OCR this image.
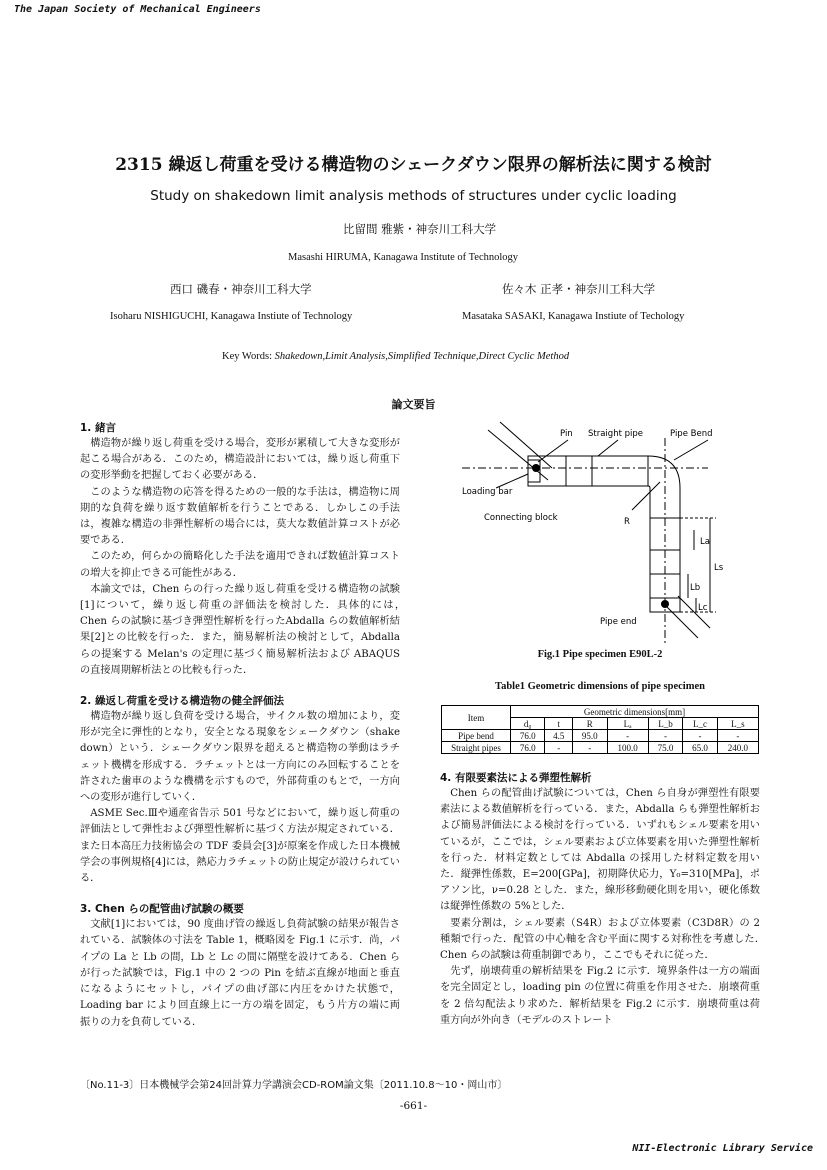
The Japan Society of Mechanical Engineers
NII-Electronic Library Service
2315 繰返し荷重を受ける構造物のシェークダウン限界の解析法に関する検討
Study on shakedown limit analysis methods of structures under cyclic loading
比留間 雅紫・神奈川工科大学
Masashi HIRUMA, Kanagawa Institute of Technology
西口 磯春・神奈川工科大学	佐々木 正孝・神奈川工科大学
Isoharu NISHIGUCHI, Kanagawa Instiute of Technology	Masataka SASAKI, Kanagawa Instiute of Techology
Key Words: Shakedown,Limit Analysis,Simplified Technique,Direct Cyclic Method
論文要旨
1. 緒言

構造物が繰り返し荷重を受ける場合，変形が累積して大きな変形が起こる場合がある．このため，構造設計においては，繰り返し荷重下の変形挙動を把握しておく必要がある．

このような構造物の応答を得るための一般的な手法は，構造物に周期的な負荷を繰り返す数値解析を行うことである．しかしこの手法は，複雑な構造の非弾性解析の場合には，莫大な数値計算コストが必要である．

このため，何らかの簡略化した手法を適用できれば数値計算コストの増大を抑止できる可能性がある．

本論文では，Chen らの行った繰り返し荷重を受ける構造物の試験 [1]について，繰り返し荷重の評価法を検討した．具体的には，　Chen らの試験に基づき弾塑性解析を行ったAbdalla らの数値解析結果[2]との比較を行った．また，簡易解析法の検討として，Abdalla らの提案する Melan's の定理に基づく簡易解析法および ABAQUS の直接周期解析法との比較も行った．

2. 繰返し荷重を受ける構造物の健全評価法

構造物が繰り返し負荷を受ける場合，サイクル数の増加により，変形が完全に弾性的となり，安全となる現象をシェークダウン（shake down）という．シェークダウン限界を超えると構造物の挙動はラチェット機構を形成する．ラチェットとは一方向にのみ回転することを許された歯車のような機構を示すもので，外部荷重のもとで，一方向への変形が進行していく．

ASME Sec.Ⅲや通産省告示 501 号などにおいて，繰り返し荷重の評価法として弾性および弾塑性解析に基づく方法が規定されている．また日本高圧力技術協会の TDF 委員会[3]が原案を作成した日本機械学会の事例規格[4]には，熱応力ラチェットの防止規定が設けられている．

3. Chen らの配管曲げ試験の概要

文献[1]においては，90 度曲げ管の繰返し負荷試験の結果が報告されている．試験体の寸法を Table 1，概略図を Fig.1 に示す．尚，パイプの La と Lb の間，Lb と Lc の間に隔壁を設けてある．Chen らが行った試験では，Fig.1 中の 2 つの Pin を結ぶ直線が地面と垂直になるようにセットし，パイプの曲げ部に内圧をかけた状態で，Loading bar により回直線上に一方の端を固定，もう片方の端に両振りの力を負荷している．

Pin Straight pipe	Pipe Bend
Loading bar
Connecting block	R
Pipe end
La
Lb
Lc
Ls
Fig.1 Pipe specimen E90L-2
Table1 Geometric dimensions of pipe specimen
Item	Geometric dimensions[mm]						
	d₀	t	R	Lₐ	L_b	L_c	L_s
Pipe bend	76.0	4.5	95.0	-	-	-	-
Straight pipes	76.0	-	-	100.0	75.0	65.0	240.0
4. 有限要素法による弾塑性解析

Chen らの配管曲げ試験については，Chen ら自身が弾塑性有限要素法による数値解析を行っている．また，Abdalla らも弾塑性解析および簡易評価法による検討を行っている．いずれもシェル要素を用いているが，ここでは，シェル要素および立体要素を用いた弾塑性解析を行った．材料定数としては Abdalla の採用した材料定数を用いた．縦弾性係数，E=200[GPa]，初期降伏応力，Y₀=310[MPa]，ポアソン比，ν=0.28 とした．また，線形移動硬化則を用い，硬化係数は縦弾性係数の 5%とした．

要素分割は，シェル要素（S4R）および立体要素（C3D8R）の 2 種類で行った．配管の中心軸を含む平面に関する対称性を考慮した．　Chen らの試験は荷重制御であり，ここでもそれに従った．

先ず，崩壊荷重の解析結果を Fig.2 に示す．境界条件は一方の端面を完全固定とし，loading pin の位置に荷重を作用させた．崩壊荷重を 2 倍勾配法より求めた．解析結果を Fig.2 に示す．崩壊荷重は荷重方向が外向き（モデルのストレート

〔No.11-3〕日本機械学会第24回計算力学講演会CD-ROM論文集〔2011.10.8～10・岡山市〕
-661-
